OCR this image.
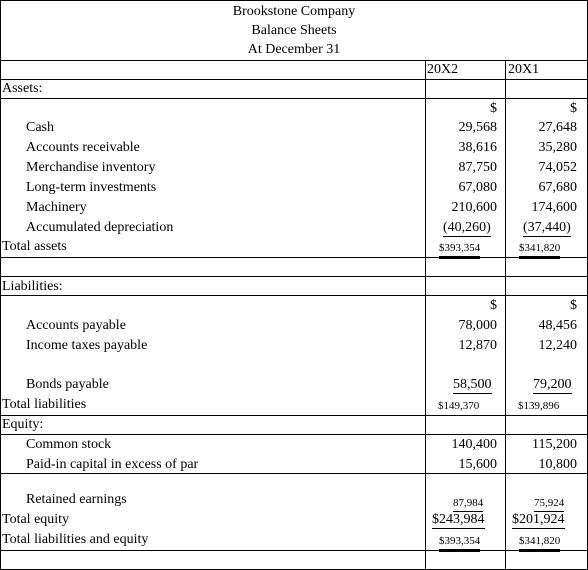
Brookstone Company
Balance Sheets
At December 31
20X2	20X1
Assets:
$	$
Cash	29,568	27,648
Accounts receivable	38,616	35,280
Merchandise inventory	87,750	74,052
Long-term investments	67,080	67,680
Machinery	210,600	174,600
Accumulated depreciation	(40,260) (37,440)
Total assets	$393,354	$341,820
Liabilities:
$	$
Accounts payable	78,000	48,456
Income taxes payable	12,870	12,240
Bonds payable	58,500	79,200
Total liabilities	$149,370	$139,896
Equity:
Common stock	140,400	115,200
Paid-in capital in excess of par	15,600	10,800
Retained earnings	87,984	75,924
Total equity	$243,984 $201,924
Total liabilities and equity	$393,354	$341,820
